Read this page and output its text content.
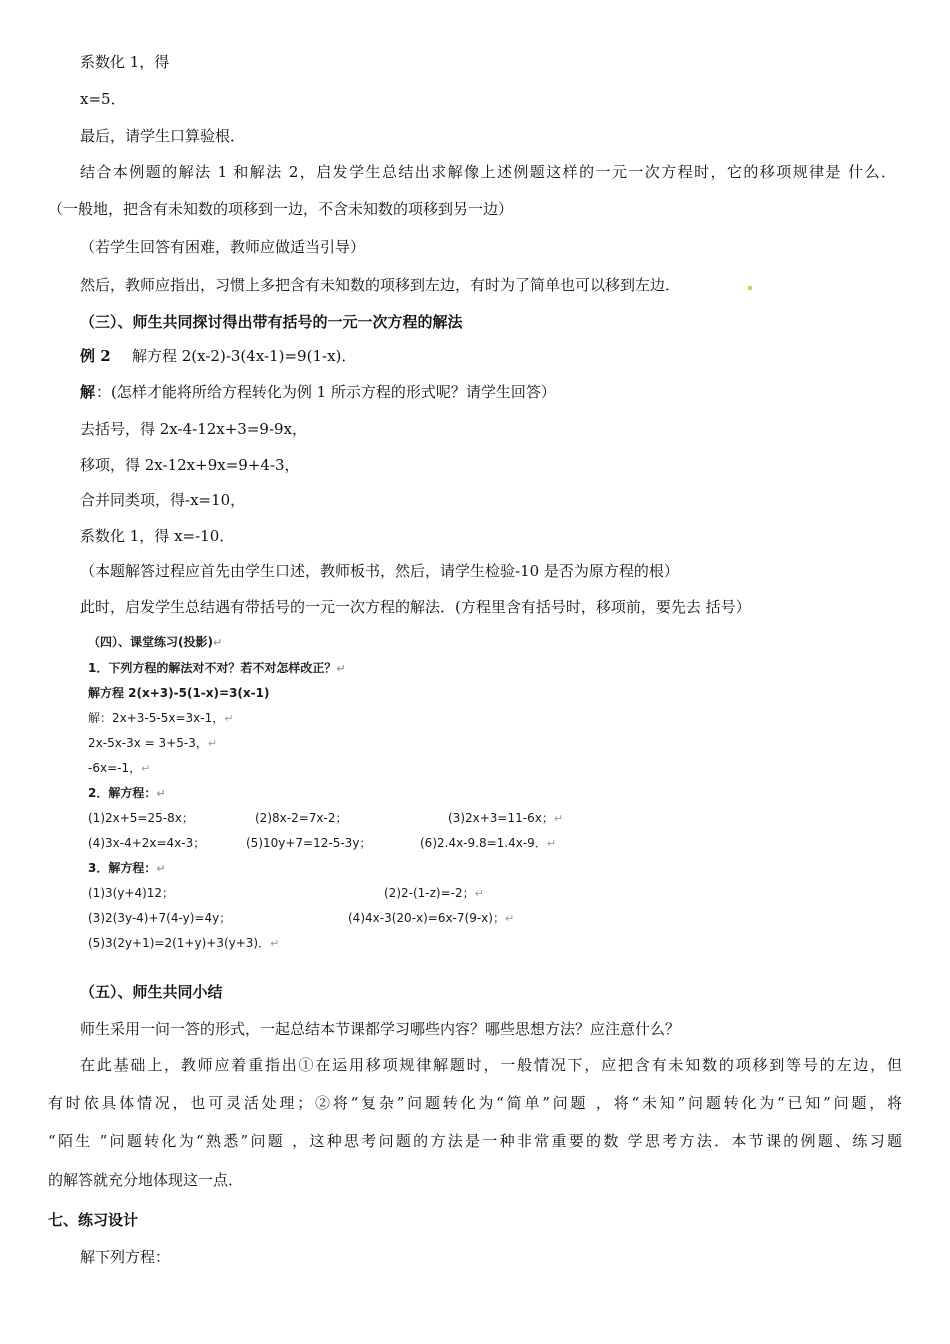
系数化 1，得
x=5．
最后，请学生口算验根．
结合本例题的解法 1 和解法 2，启发学生总结出求解像上述例题这样的一元一次方程时，它的移项规律是 什么．
（一般地，把含有未知数的项移到一边，不含未知数的项移到另一边）
（若学生回答有困难，教师应做适当引导）
然后，教师应指出，习惯上多把含有未知数的项移到左边，有时为了简单也可以移到左边．
（三）、师生共同探讨得出带有括号的一元一次方程的解法
例 2 解方程 2(x-2)-3(4x-1)=9(1-x)．
解 ：(怎样才能将所给方程转化为例 1 所示方程的形式呢？请学生回答）
去括号，得 2x-4-12x+3=9-9x，
移项，得 2x-12x+9x=9+4-3，
合并同类项，得-x=10，
系数化 1，得 x=-10．
（本题解答过程应首先由学生口述，教师板书，然后，请学生检验-10 是否为原方程的根）
此时，启发学生总结遇有带括号的一元一次方程的解法．(方程里含有括号时，移项前，要先去 括号）
（四）、课堂练习(投影)↵
1．下列方程的解法对不对？若不对怎样改正？↵
解方程 2(x+3)-5(1-x)=3(x-1)
解：2x+3-5-5x=3x-1，↵
2x-5x-3x = 3+5-3，↵
-6x=-1，↵
2．解方程：↵
(1)2x+5=25-8x；	(2)8x-2=7x-2；	(3)2x+3=11-6x；↵
(4)3x-4+2x=4x-3；	(5)10y+7=12-5-3y；	(6)2.4x-9.8=1.4x-9．↵
3．解方程：↵
(1)3(y+4)12；	(2)2-(1-z)=-2；↵
(3)2(3y-4)+7(4-y)=4y；	(4)4x-3(20-x)=6x-7(9-x)；↵
(5)3(2y+1)=2(1+y)+3(y+3)．↵
（五）、师生共同小结
师生采用一问一答的形式，一起总结本节课都学习哪些内容？哪些思想方法？应注意什么？
在此基础上，教师应着重指出①在运用移项规律解题时，一般情况下，应把含有未知数的项移到等号的左边，但
有时依具体情况，也可灵活处理；②将“复杂”问题转化为“简单”问题 ，将“未知”问题转化为“已知”问题，将
“陌生 ”问题转化为“熟悉”问题 ，这种思考问题的方法是一种非常重要的数 学思考方法．本节课的例题、练习题
的解答就充分地体现这一点．
七、练习设计
解下列方程：
